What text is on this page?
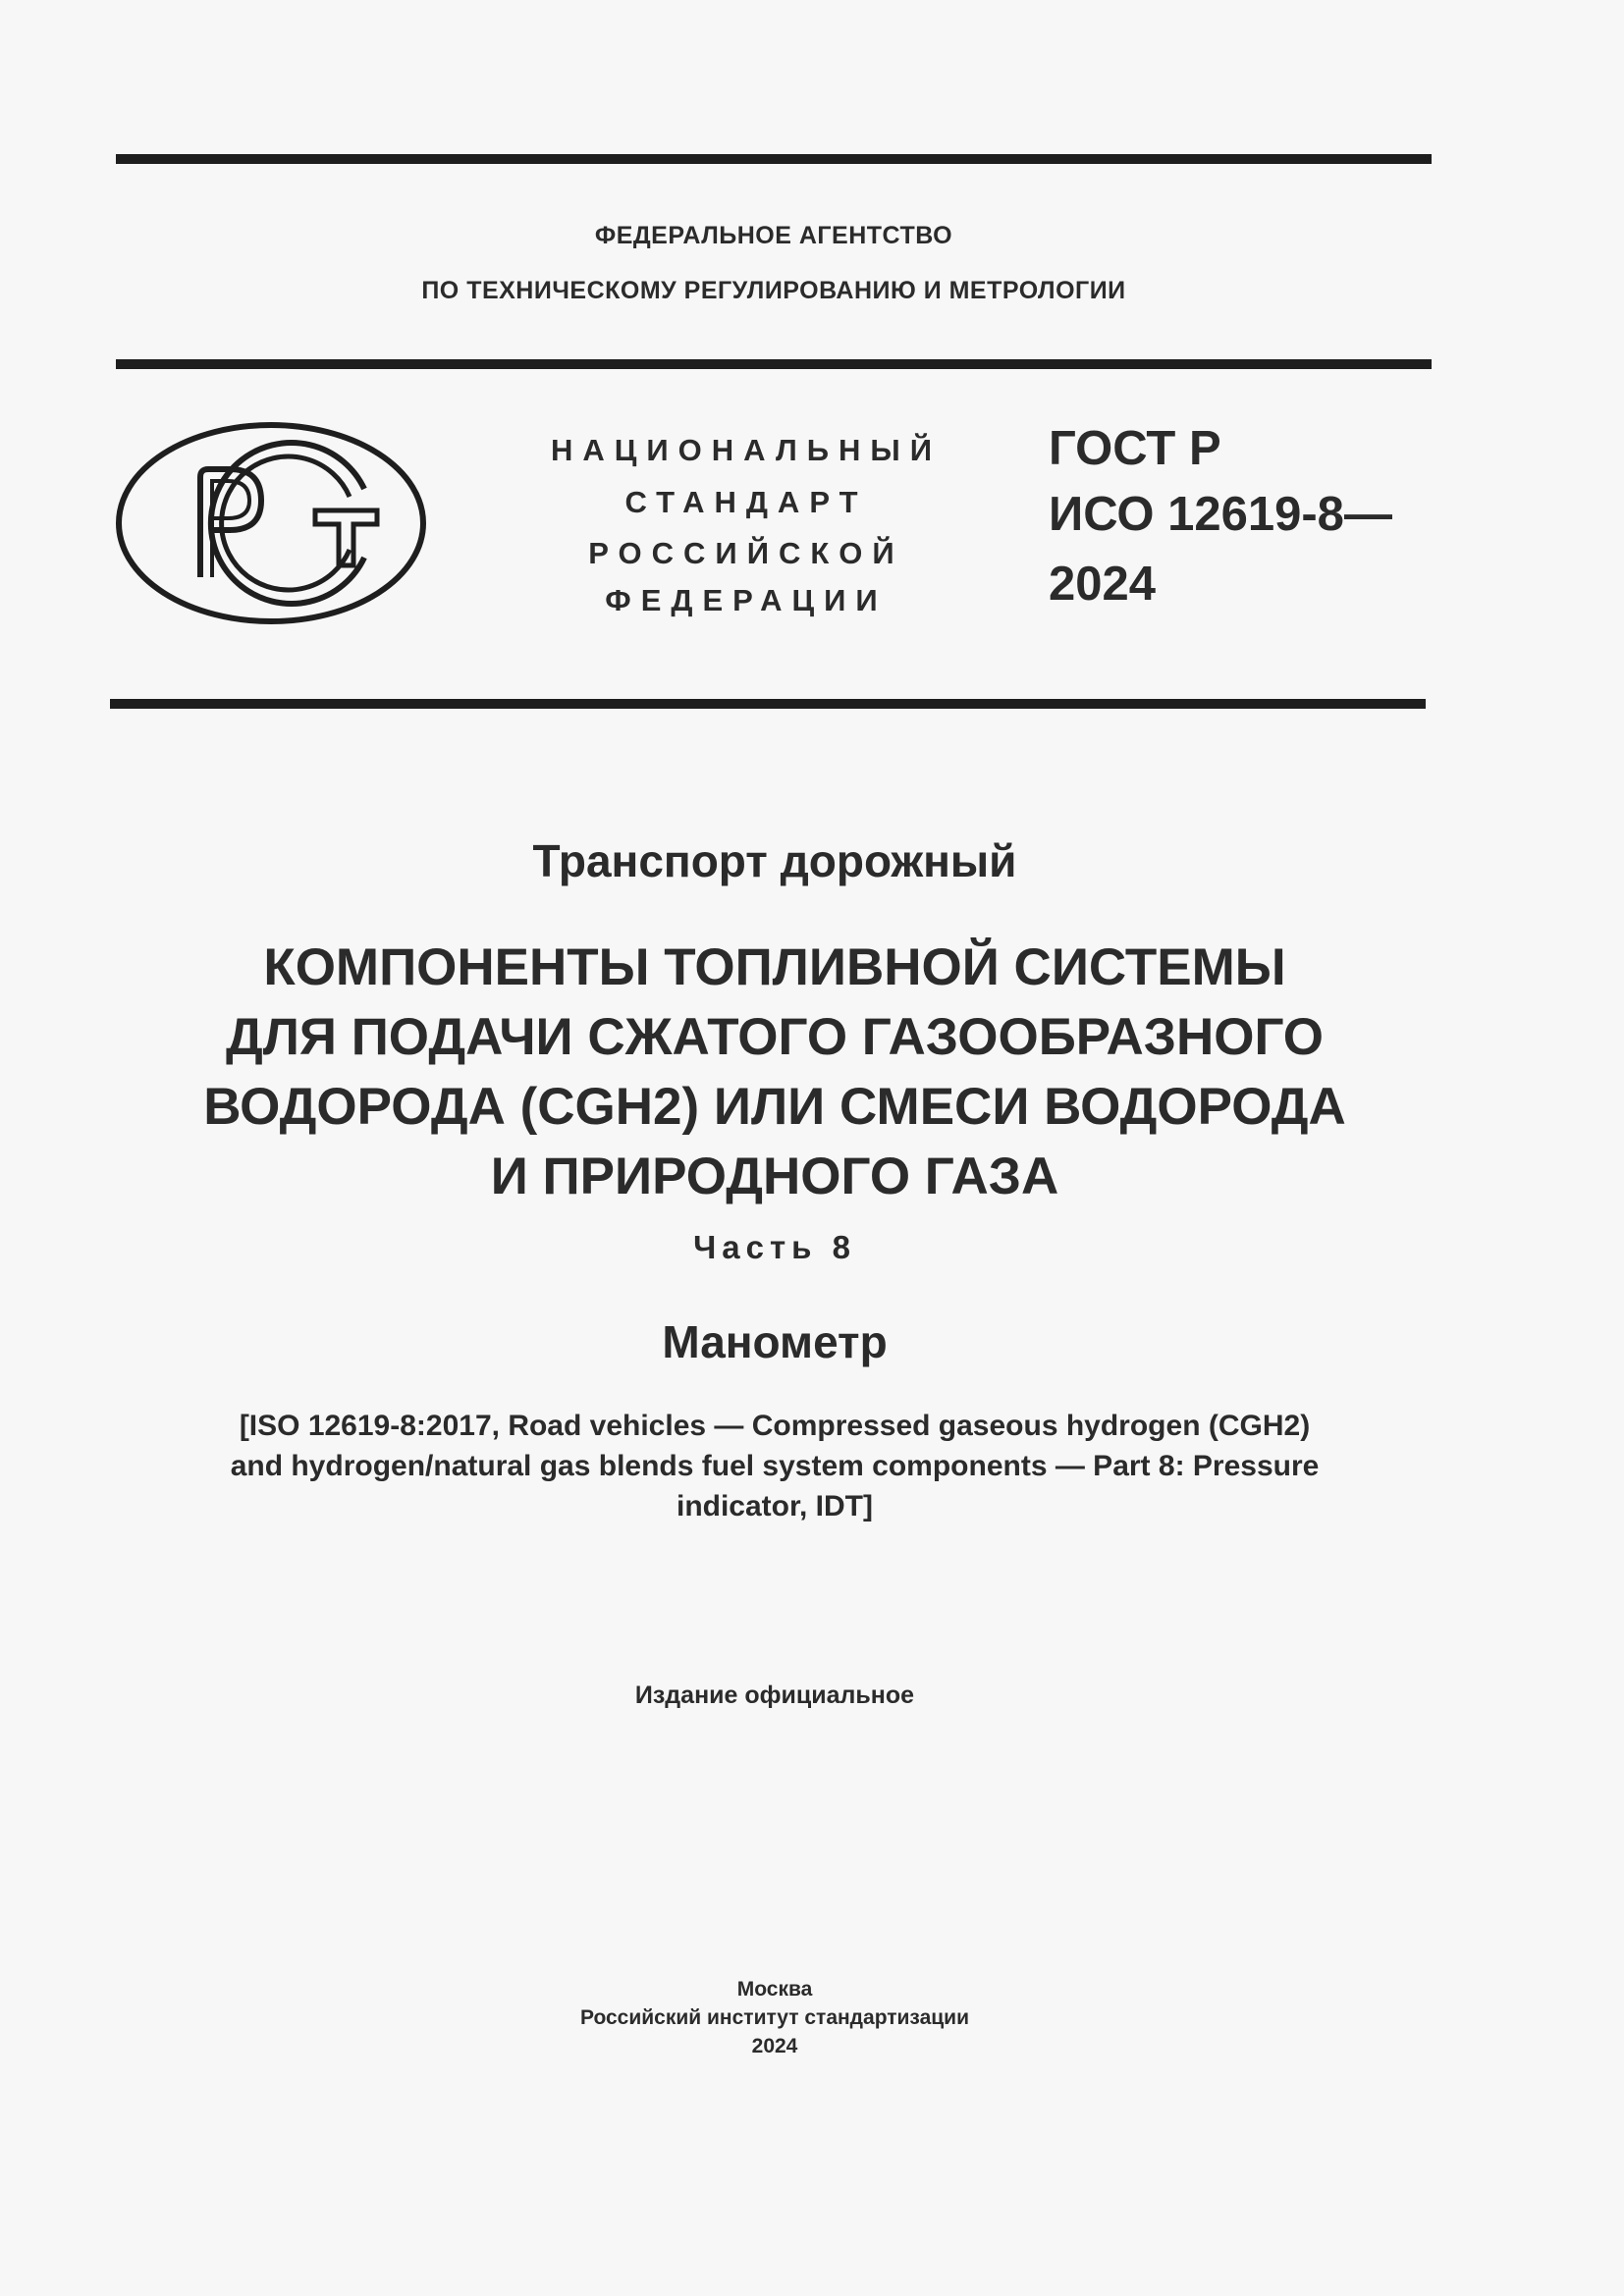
ФЕДЕРАЛЬНОЕ АГЕНТСТВО
ПО ТЕХНИЧЕСКОМУ РЕГУЛИРОВАНИЮ И МЕТРОЛОГИИ
НАЦИОНАЛЬНЫЙ
СТАНДАРТ
РОССИЙСКОЙ
ФЕДЕРАЦИИ
ГОСТ Р
ИСО 12619-8—
2024
Транспорт дорожный
КОМПОНЕНТЫ ТОПЛИВНОЙ СИСТЕМЫ
ДЛЯ ПОДАЧИ СЖАТОГО ГАЗООБРАЗНОГО
ВОДОРОДА (CGH2) ИЛИ СМЕСИ ВОДОРОДА
И ПРИРОДНОГО ГАЗА
Часть 8
Манометр
[ISO 12619-8:2017, Road vehicles — Compressed gaseous hydrogen (CGH2)
and hydrogen/natural gas blends fuel system components — Part 8: Pressure
indicator, IDT]
Издание официальное
Москва
Российский институт стандартизации
2024
